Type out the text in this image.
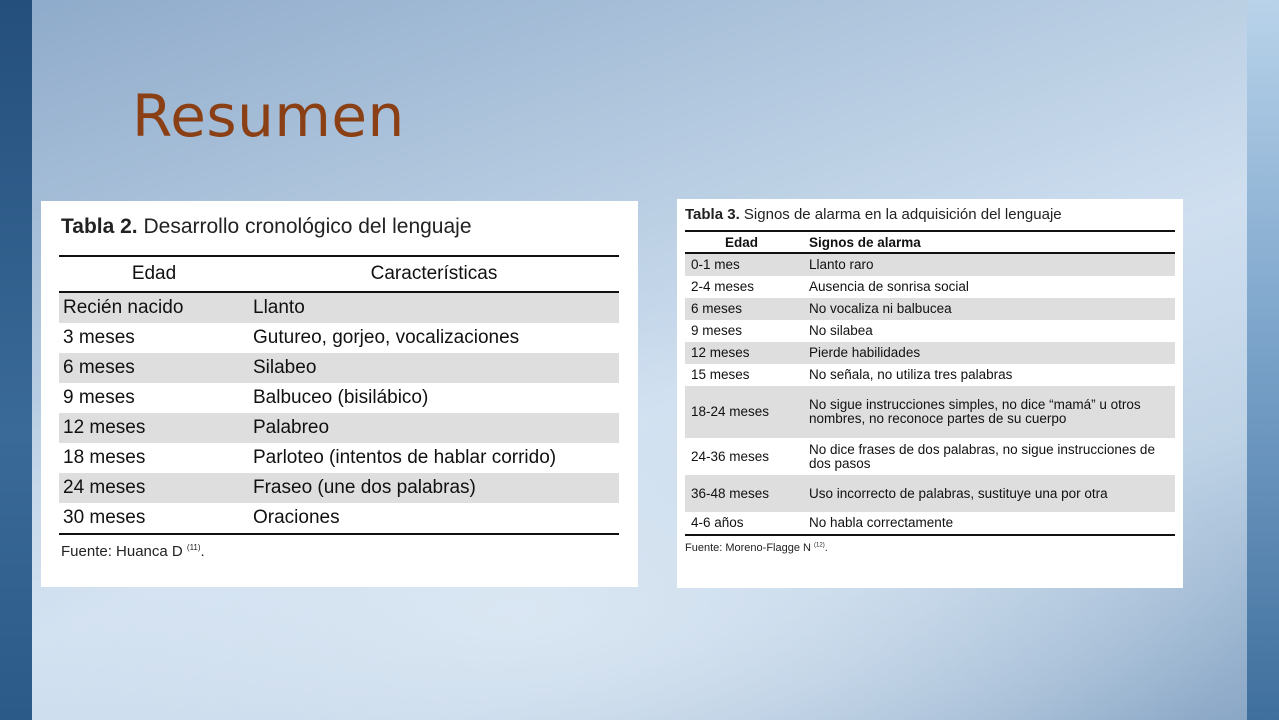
Resumen
Tabla 2. Desarrollo cronológico del lenguaje
Edad	Características
Recién nacido	Llanto
3 meses	Gutureo, gorjeo, vocalizaciones
6 meses	Silabeo
9 meses	Balbuceo (bisilábico)
12 meses	Palabreo
18 meses	Parloteo (intentos de hablar corrido)
24 meses	Fraseo (une dos palabras)
30 meses	Oraciones
Fuente: Huanca D $^{(11)}$.
Tabla 3. Signos de alarma en la adquisición del lenguaje
Edad	Signos de alarma
0-1 mes	Llanto raro
2-4 meses	Ausencia de sonrisa social
6 meses	No vocaliza ni balbucea
9 meses	No silabea
12 meses	Pierde habilidades
15 meses	No señala, no utiliza tres palabras
18-24 meses	No sigue instrucciones simples, no dice “mamá” u otros nombres, no reconoce partes de su cuerpo
24-36 meses	No dice frases de dos palabras, no sigue instrucciones de dos pasos
36-48 meses	Uso incorrecto de palabras, sustituye una por otra
4-6 años	No habla correctamente
Fuente: Moreno-Flagge N $^{(12)}$.
